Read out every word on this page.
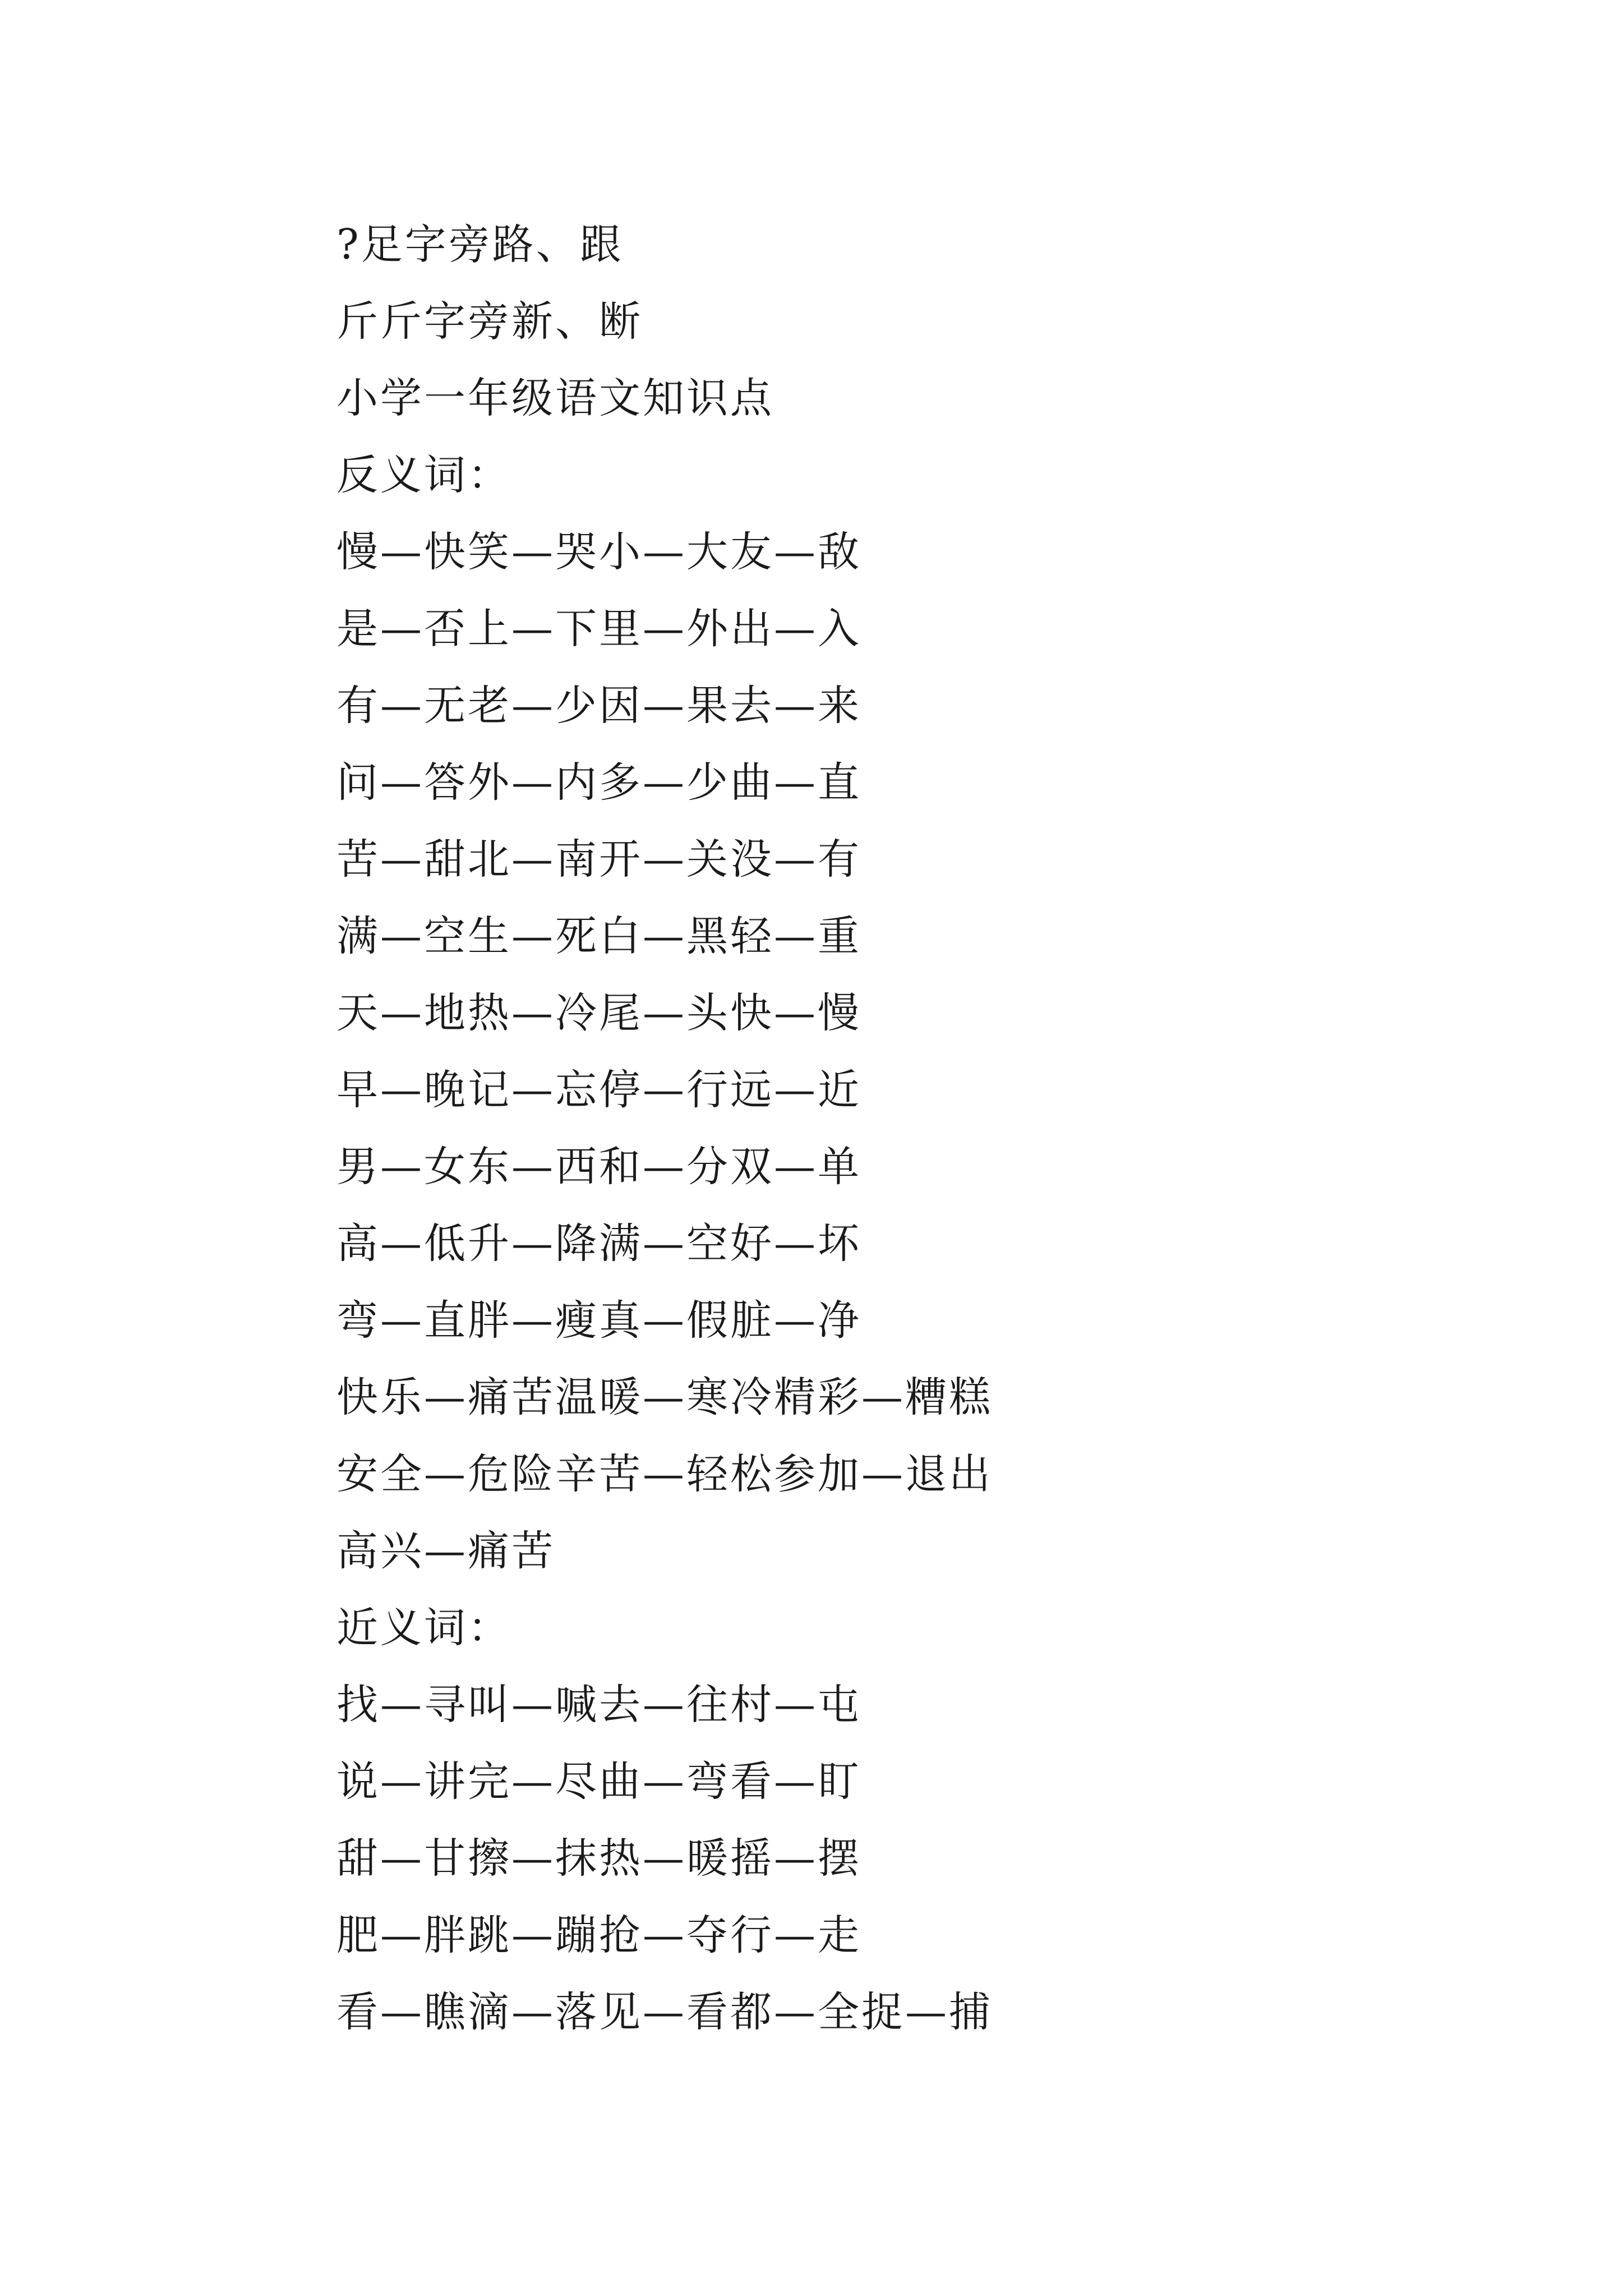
?足字旁路、跟
斤斤字旁新、断
小学一年级语文知识点
反义词：
慢—快笑—哭小—大友—敌
是—否上—下里—外出—入
有—无老—少因—果去—来
问—答外—内多—少曲—直
苦—甜北—南开—关没—有
满—空生—死白—黑轻—重
天—地热—冷尾—头快—慢
早—晚记—忘停—行远—近
男—女东—西和—分双—单
高—低升—降满—空好—坏
弯—直胖—瘦真—假脏—净
快乐—痛苦温暖—寒冷精彩—糟糕
安全—危险辛苦—轻松参加—退出
高兴—痛苦
近义词：
找—寻叫—喊去—往村—屯
说—讲完—尽曲—弯看—盯
甜—甘擦—抹热—暖摇—摆
肥—胖跳—蹦抢—夺行—走
看—瞧滴—落见—看都—全捉—捕
